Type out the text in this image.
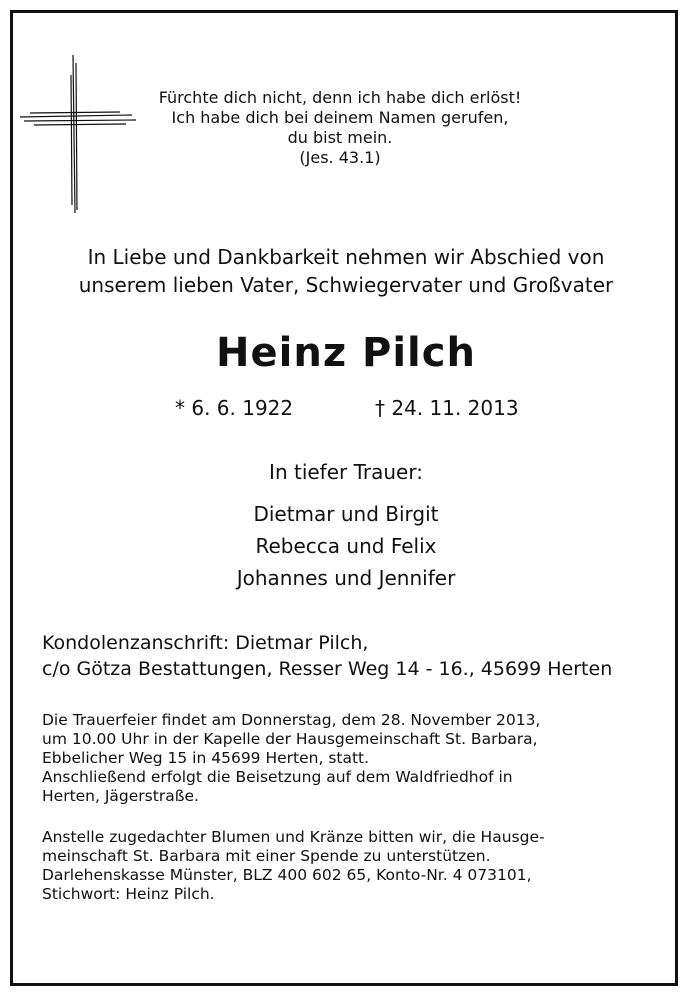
Fürchte dich nicht, denn ich habe dich erlöst!
Ich habe dich bei deinem Namen gerufen,
du bist mein.
(Jes. 43.1)
In Liebe und Dankbarkeit nehmen wir Abschied von
unserem lieben Vater, Schwiegervater und Großvater
Heinz Pilch
* 6. 6. 1922	† 24. 11. 2013
In tiefer Trauer:
Dietmar und Birgit
Rebecca und Felix
Johannes und Jennifer
Kondolenzanschrift: Dietmar Pilch,
c/o Götza Bestattungen, Resser Weg 14 - 16., 45699 Herten
Die Trauerfeier findet am Donnerstag, dem 28. November 2013,
um 10.00 Uhr in der Kapelle der Hausgemeinschaft St. Barbara,
Ebbelicher Weg 15 in 45699 Herten, statt.
Anschließend erfolgt die Beisetzung auf dem Waldfriedhof in
Herten, Jägerstraße.
Anstelle zugedachter Blumen und Kränze bitten wir, die Hausge-
meinschaft St. Barbara mit einer Spende zu unterstützen.
Darlehenskasse Münster, BLZ 400 602 65, Konto-Nr. 4 073101,
Stichwort: Heinz Pilch.
